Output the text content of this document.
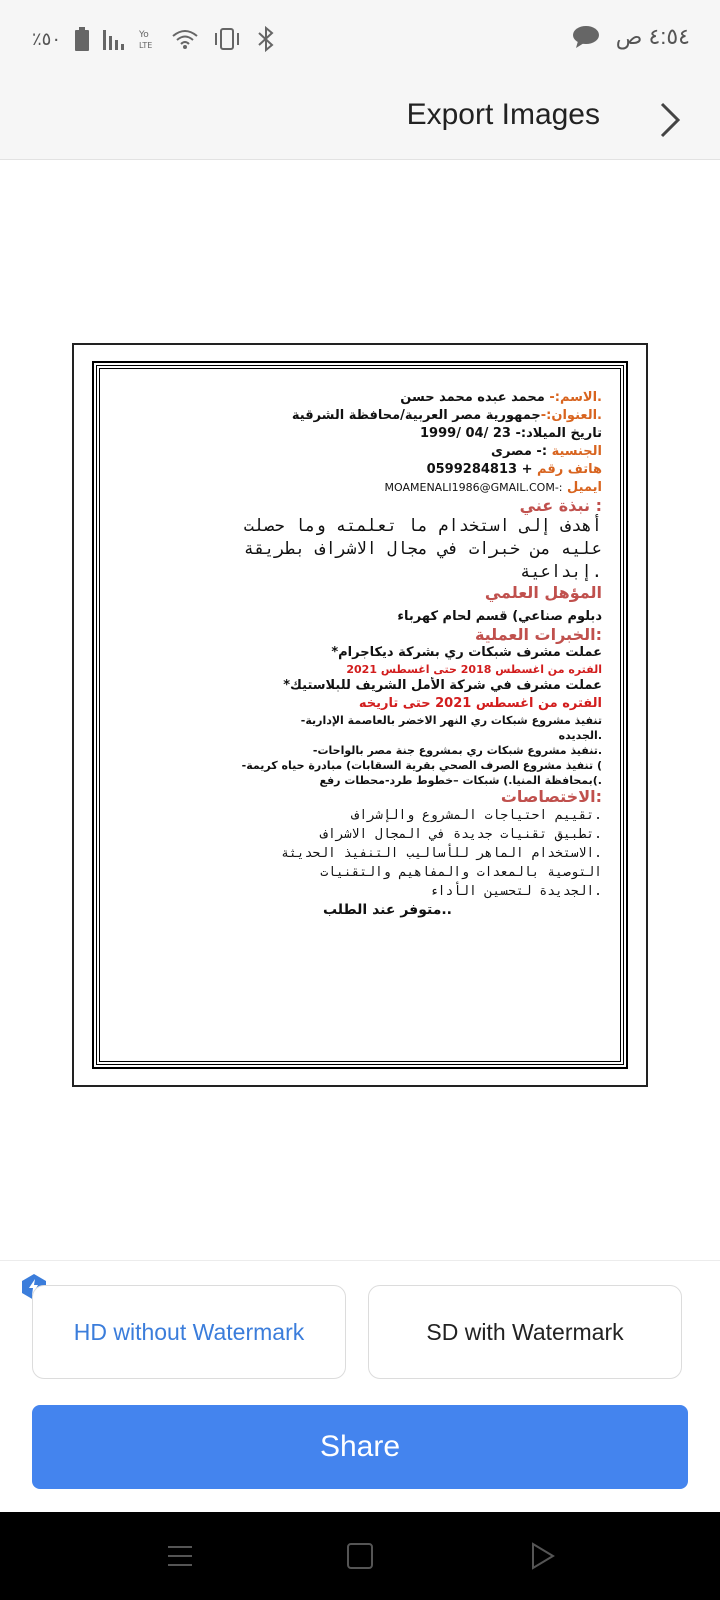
٪٥٠	Yo
LTE	٤:٥٤ ص
Export Images
.الاسم:- محمد عبده محمد حسن
.العنوان:-جمهورية مصر العربية/محافظة الشرقية
تاريخ الميلاد:- 23 /04 /1999
الجنسية :- مصرى
هاتف رقم + 0599284813
ايميل :-MOAMENALI1986@GMAIL.COM
: نبذة عني
أهدف إلى استخدام ما تعلمته وما حصلت
عليه من خبرات في مجال الاشراف بطريقة
.إبداعية
المؤهل العلمي
دبلوم صناعي) قسم لحام كهرباء
:الخبرات العملية
عملت مشرف شبكات ري بشركة ديكاجرام*
الفتره من اغسطس 2018 حتى اغسطس 2021
عملت مشرف في شركة الأمل الشريف للبلاستيك*
الفتره من اغسطس 2021 حتى تاريخه
تنفيذ مشروع شبكات ري النهر الاخضر بالعاصمة الإدارية-
.الجديده
.تنفيذ مشروع شبكات ري بمشروع جنة مصر بالواحات-
) تنفيذ مشروع الصرف الصحي بقرية السقابات) مبادرة حياه كريمة-
.)بمحافظة المنيا.) شبكات –خطوط طرد-محطات رفع
:الاختصاصات
.تقييم احتياجات المشروع والإشراف
.تطبيق تقنيات جديدة في المجال الاشراف
.الاستخدام الماهر للأساليب التنفيذ الحديثة
التوصية بالمعدات والمفاهيم والتقنيات
.الجديدة لتحسين الأداء
..متوفر عند الطلب
HD without Watermark	SD with Watermark
Share
